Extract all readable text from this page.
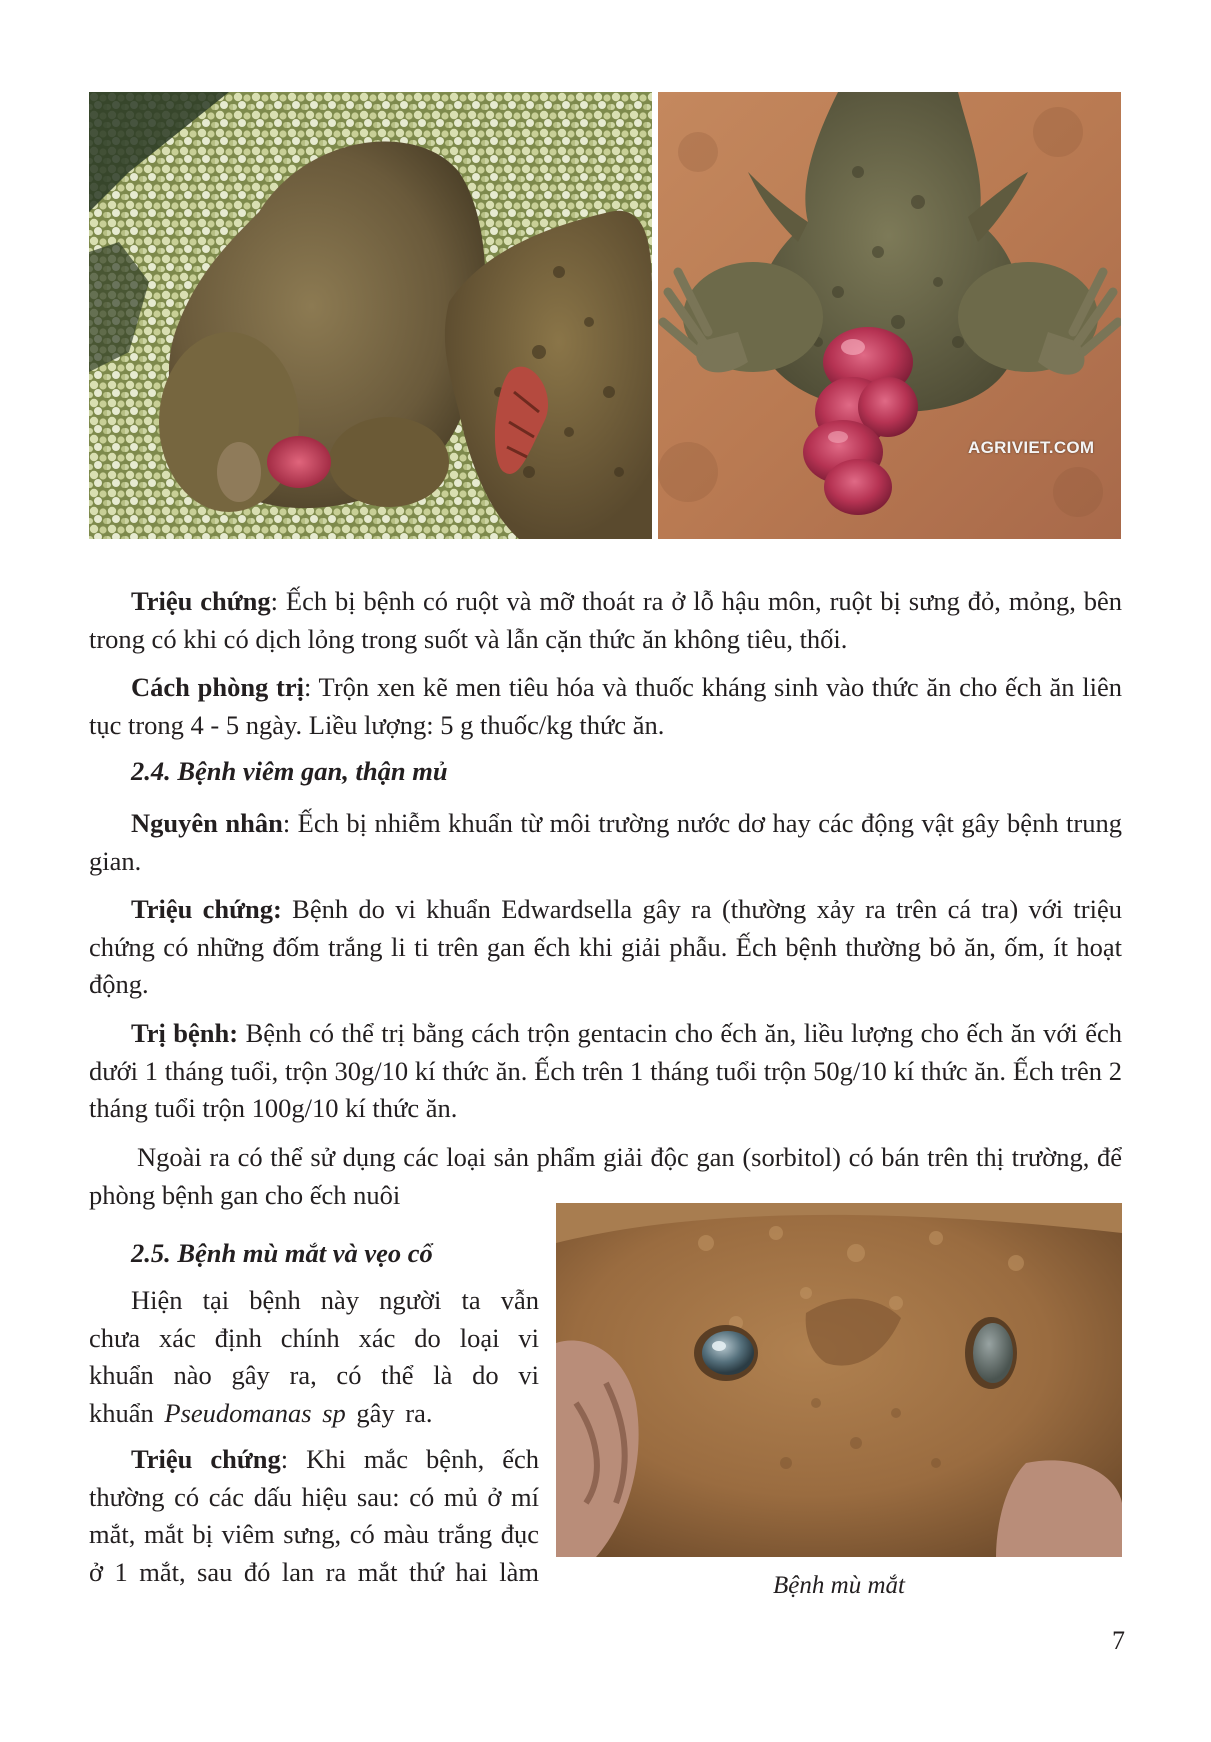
AGRIVIET.COM

Triệu chứng: Ếch bị bệnh có ruột và mỡ thoát ra ở lỗ hậu môn, ruột bị sưng đỏ, mỏng, bên trong có khi có dịch lỏng trong suốt và lẫn cặn thức ăn không tiêu, thối.

Cách phòng trị: Trộn xen kẽ men tiêu hóa và thuốc kháng sinh vào thức ăn cho ếch ăn liên tục trong 4 - 5 ngày. Liều lượng: 5 g thuốc/kg thức ăn.

2.4. Bệnh viêm gan, thận mủ

Nguyên nhân: Ếch bị nhiễm khuẩn từ môi trường nước dơ hay các động vật gây bệnh trung gian.

Triệu chứng: Bệnh do vi khuẩn Edwardsella gây ra (thường xảy ra trên cá tra) với triệu chứng có những đốm trắng li ti trên gan ếch khi giải phẫu. Ếch bệnh thường bỏ ăn, ốm, ít hoạt động.

Trị bệnh: Bệnh có thể trị bằng cách trộn gentacin cho ếch ăn, liều lượng cho ếch ăn với ếch dưới 1 tháng tuổi, trộn 30g/10 kí thức ăn. Ếch trên 1 tháng tuổi trộn 50g/10 kí thức ăn. Ếch trên 2 tháng tuổi trộn 100g/10 kí thức ăn.

Ngoài ra có thể sử dụng các loại sản phẩm giải độc gan (sorbitol) có bán trên thị trường, để phòng bệnh gan cho ếch nuôi

2.5. Bệnh mù mắt và vẹo cổ

Hiện tại bệnh này người ta vẫn chưa xác định chính xác do loại vi khuẩn nào gây ra, có thể là do vi khuẩn Pseudomanas sp gây ra.

Triệu chứng: Khi mắc bệnh, ếch thường có các dấu hiệu sau: có mủ ở mí mắt, mắt bị viêm sưng, có màu trắng đục ở 1 mắt, sau đó lan ra mắt thứ hai làm	Bệnh mù mắt
7
